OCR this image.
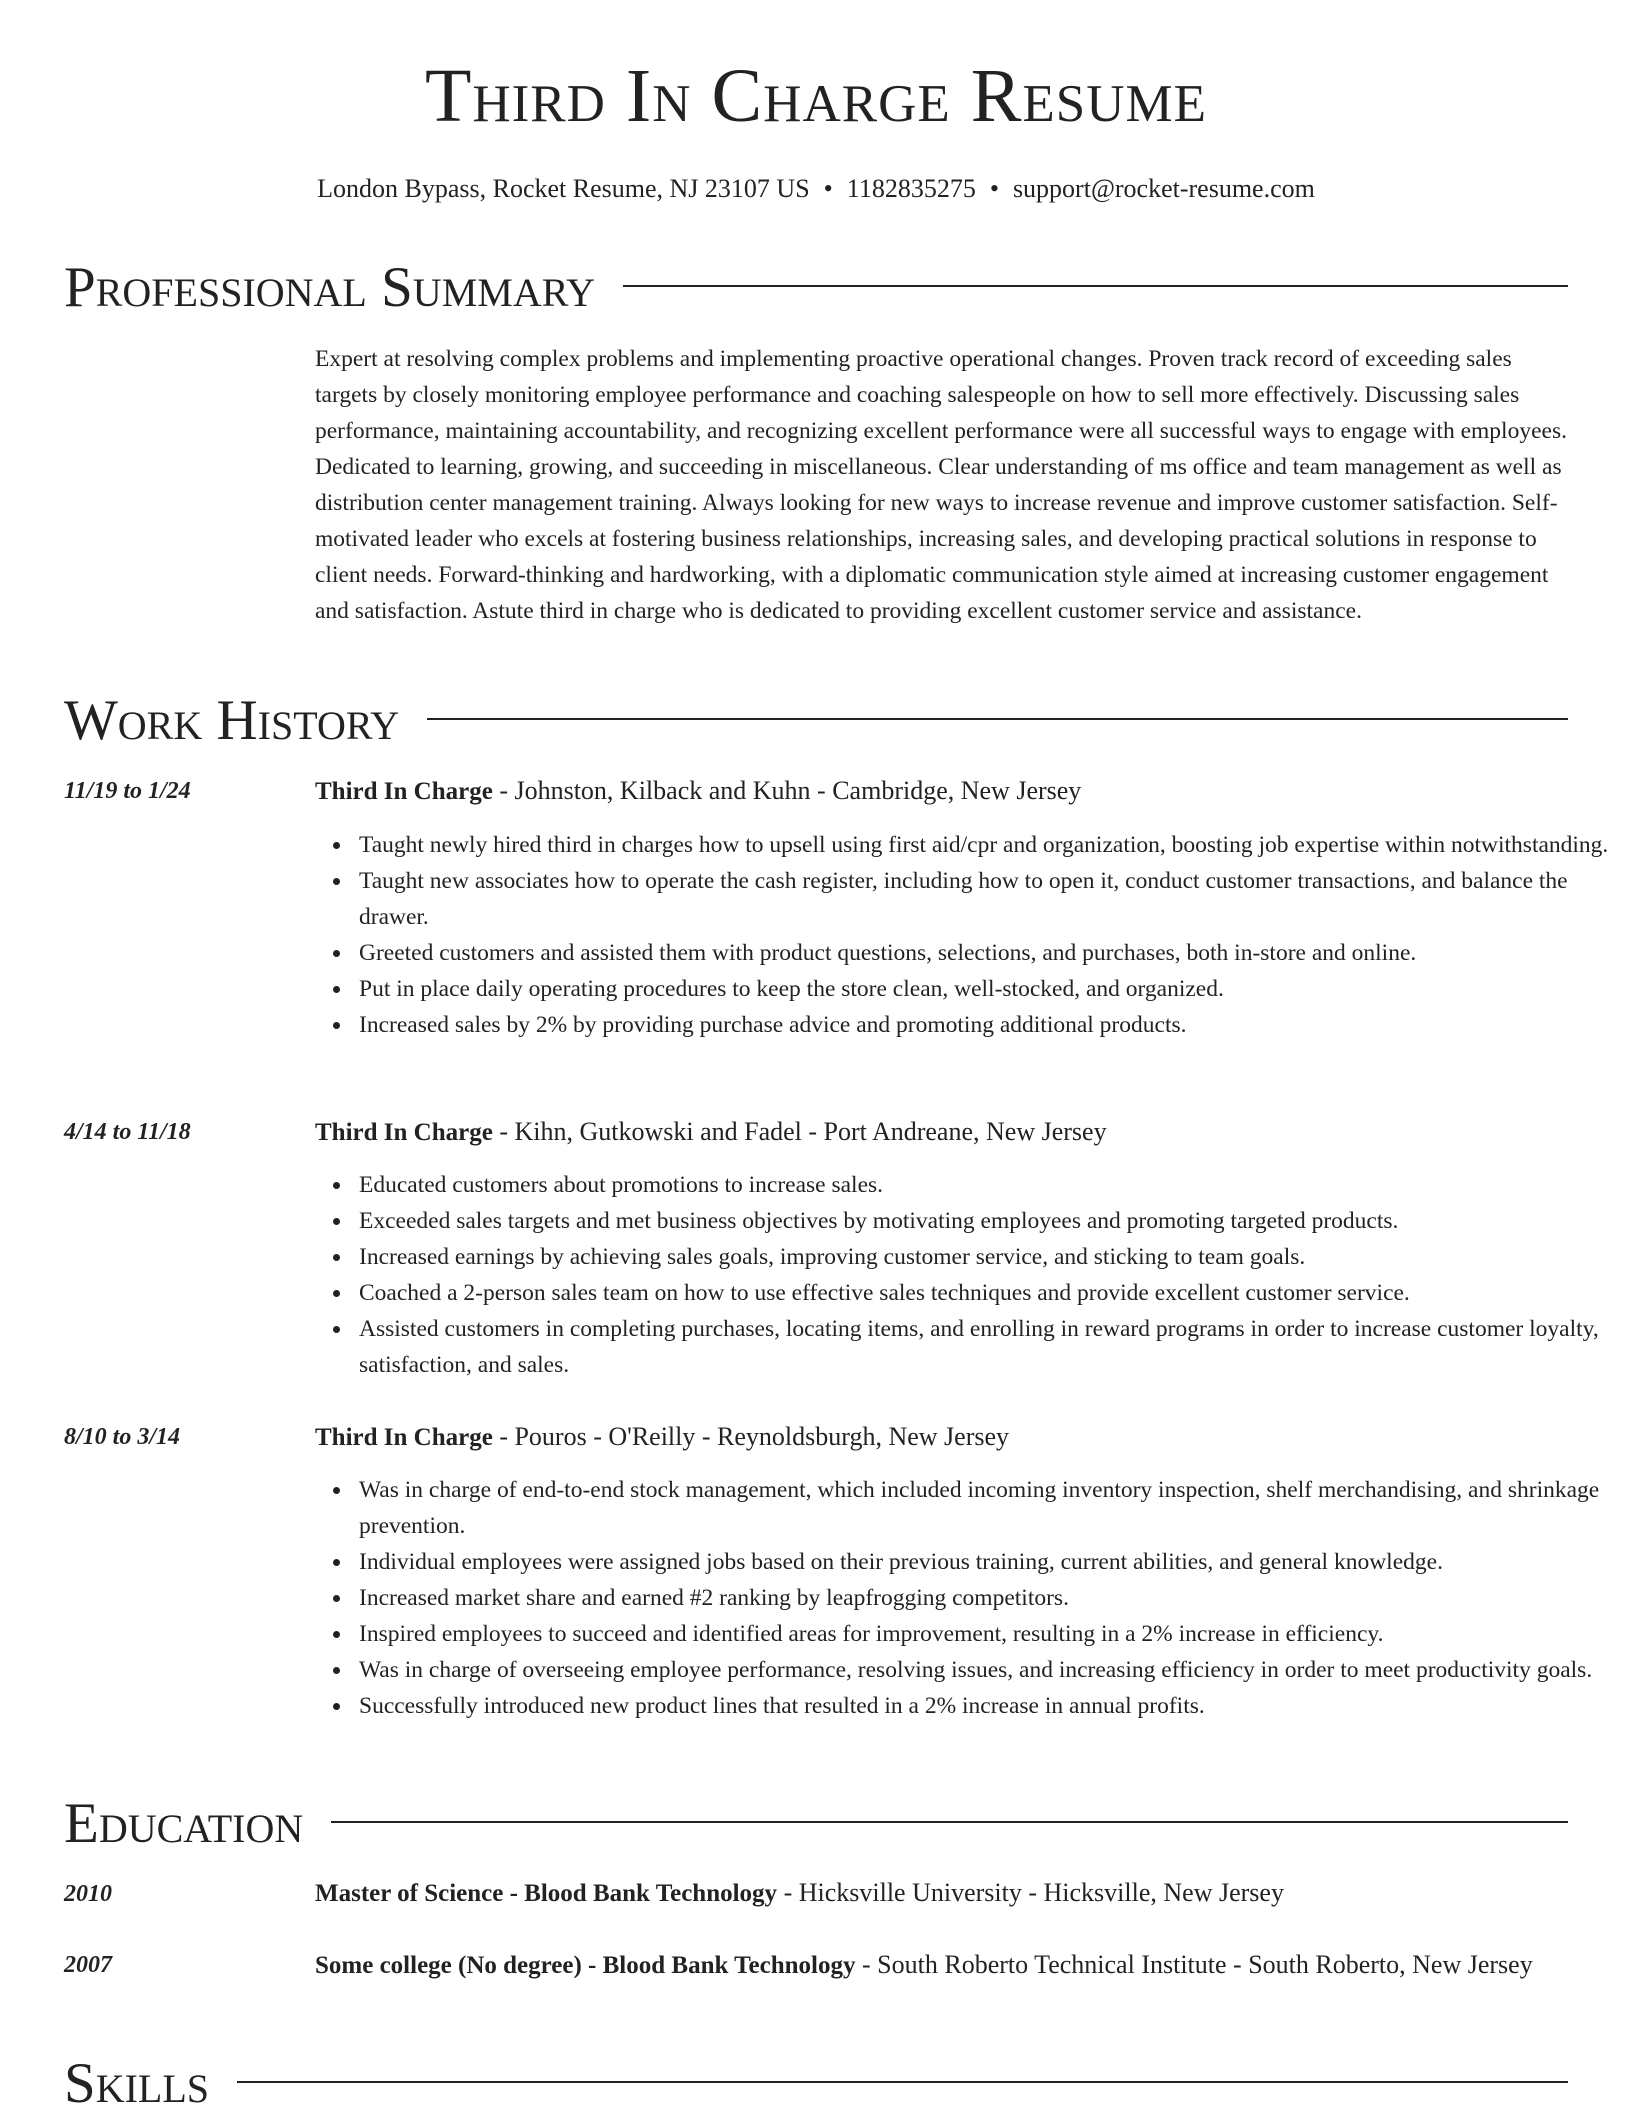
Third In Charge Resume
London Bypass, Rocket Resume, NJ 23107 US • 1182835275 • support@rocket-resume.com
Professional Summary
Expert at resolving complex problems and implementing proactive operational changes. Proven track record of exceeding sales targets by closely monitoring employee performance and coaching salespeople on how to sell more effectively. Discussing sales performance, maintaining accountability, and recognizing excellent performance were all successful ways to engage with employees. Dedicated to learning, growing, and succeeding in miscellaneous. Clear understanding of ms office and team management as well as distribution center management training. Always looking for new ways to increase revenue and improve customer satisfaction. Self-motivated leader who excels at fostering business relationships, increasing sales, and developing practical solutions in response to client needs. Forward-thinking and hardworking, with a diplomatic communication style aimed at increasing customer engagement and satisfaction. Astute third in charge who is dedicated to providing excellent customer service and assistance.
Work History
11/19 to 1/24	Third In Charge - Johnston, Kilback and Kuhn - Cambridge, New Jersey
Taught newly hired third in charges how to upsell using first aid/cpr and organization, boosting job expertise within notwithstanding.
Taught new associates how to operate the cash register, including how to open it, conduct customer transactions, and balance the drawer.
Greeted customers and assisted them with product questions, selections, and purchases, both in-store and online.
Put in place daily operating procedures to keep the store clean, well-stocked, and organized.
Increased sales by 2% by providing purchase advice and promoting additional products.
4/14 to 11/18	Third In Charge - Kihn, Gutkowski and Fadel - Port Andreane, New Jersey
Educated customers about promotions to increase sales.
Exceeded sales targets and met business objectives by motivating employees and promoting targeted products.
Increased earnings by achieving sales goals, improving customer service, and sticking to team goals.
Coached a 2-person sales team on how to use effective sales techniques and provide excellent customer service.
Assisted customers in completing purchases, locating items, and enrolling in reward programs in order to increase customer loyalty, satisfaction, and sales.
8/10 to 3/14	Third In Charge - Pouros - O'Reilly - Reynoldsburgh, New Jersey
Was in charge of end-to-end stock management, which included incoming inventory inspection, shelf merchandising, and shrinkage prevention.
Individual employees were assigned jobs based on their previous training, current abilities, and general knowledge.
Increased market share and earned #2 ranking by leapfrogging competitors.
Inspired employees to succeed and identified areas for improvement, resulting in a 2% increase in efficiency.
Was in charge of overseeing employee performance, resolving issues, and increasing efficiency in order to meet productivity goals.
Successfully introduced new product lines that resulted in a 2% increase in annual profits.
Education
2010	Master of Science - Blood Bank Technology - Hicksville University - Hicksville, New Jersey
2007	Some college (No degree) - Blood Bank Technology - South Roberto Technical Institute - South Roberto, New Jersey
Skills
